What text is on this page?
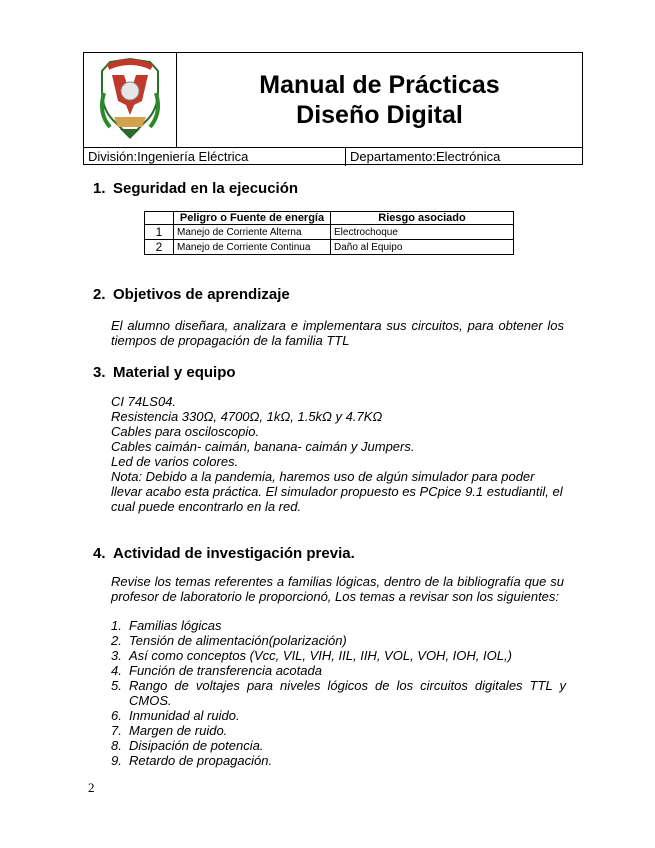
Manual de Prácticas
Diseño Digital
División:Ingeniería Eléctrica	Departamento:Electrónica
1. Seguridad en la ejecución
	Peligro o Fuente de energía	Riesgo asociado
1	Manejo de Corriente Alterna	Electrochoque
2	Manejo de Corriente Continua	Daño al Equipo
2. Objetivos de aprendizaje
El alumno diseñara, analizara e implementara sus circuitos, para obtener los tiempos de propagación de la familia TTL
3. Material y equipo
CI 74LS04.
Resistencia 330Ω, 4700Ω, 1kΩ, 1.5kΩ y 4.7KΩ
Cables para osciloscopio.
Cables caimán- caimán, banana- caimán y Jumpers.
Led de varios colores.
Nota: Debido a la pandemia, haremos uso de algún simulador para poder llevar acabo esta práctica. El simulador propuesto es PCpice 9.1 estudiantil, el cual puede encontrarlo en la red.
4. Actividad de investigación previa.
Revise los temas referentes a familias lógicas, dentro de la bibliografía que su profesor de laboratorio le proporcionó, Los temas a revisar son los siguientes:
1. Familias lógicas
2. Tensión de alimentación(polarización)
3. Así como conceptos (Vcc, VIL, VIH, IIL, IIH, VOL, VOH, IOH, IOL,)
4. Función de transferencia acotada
5. Rango de voltajes para niveles lógicos de los circuitos digitales TTL y CMOS.
6. Inmunidad al ruido.
7. Margen de ruido.
8. Disipación de potencia.
9. Retardo de propagación.
2
